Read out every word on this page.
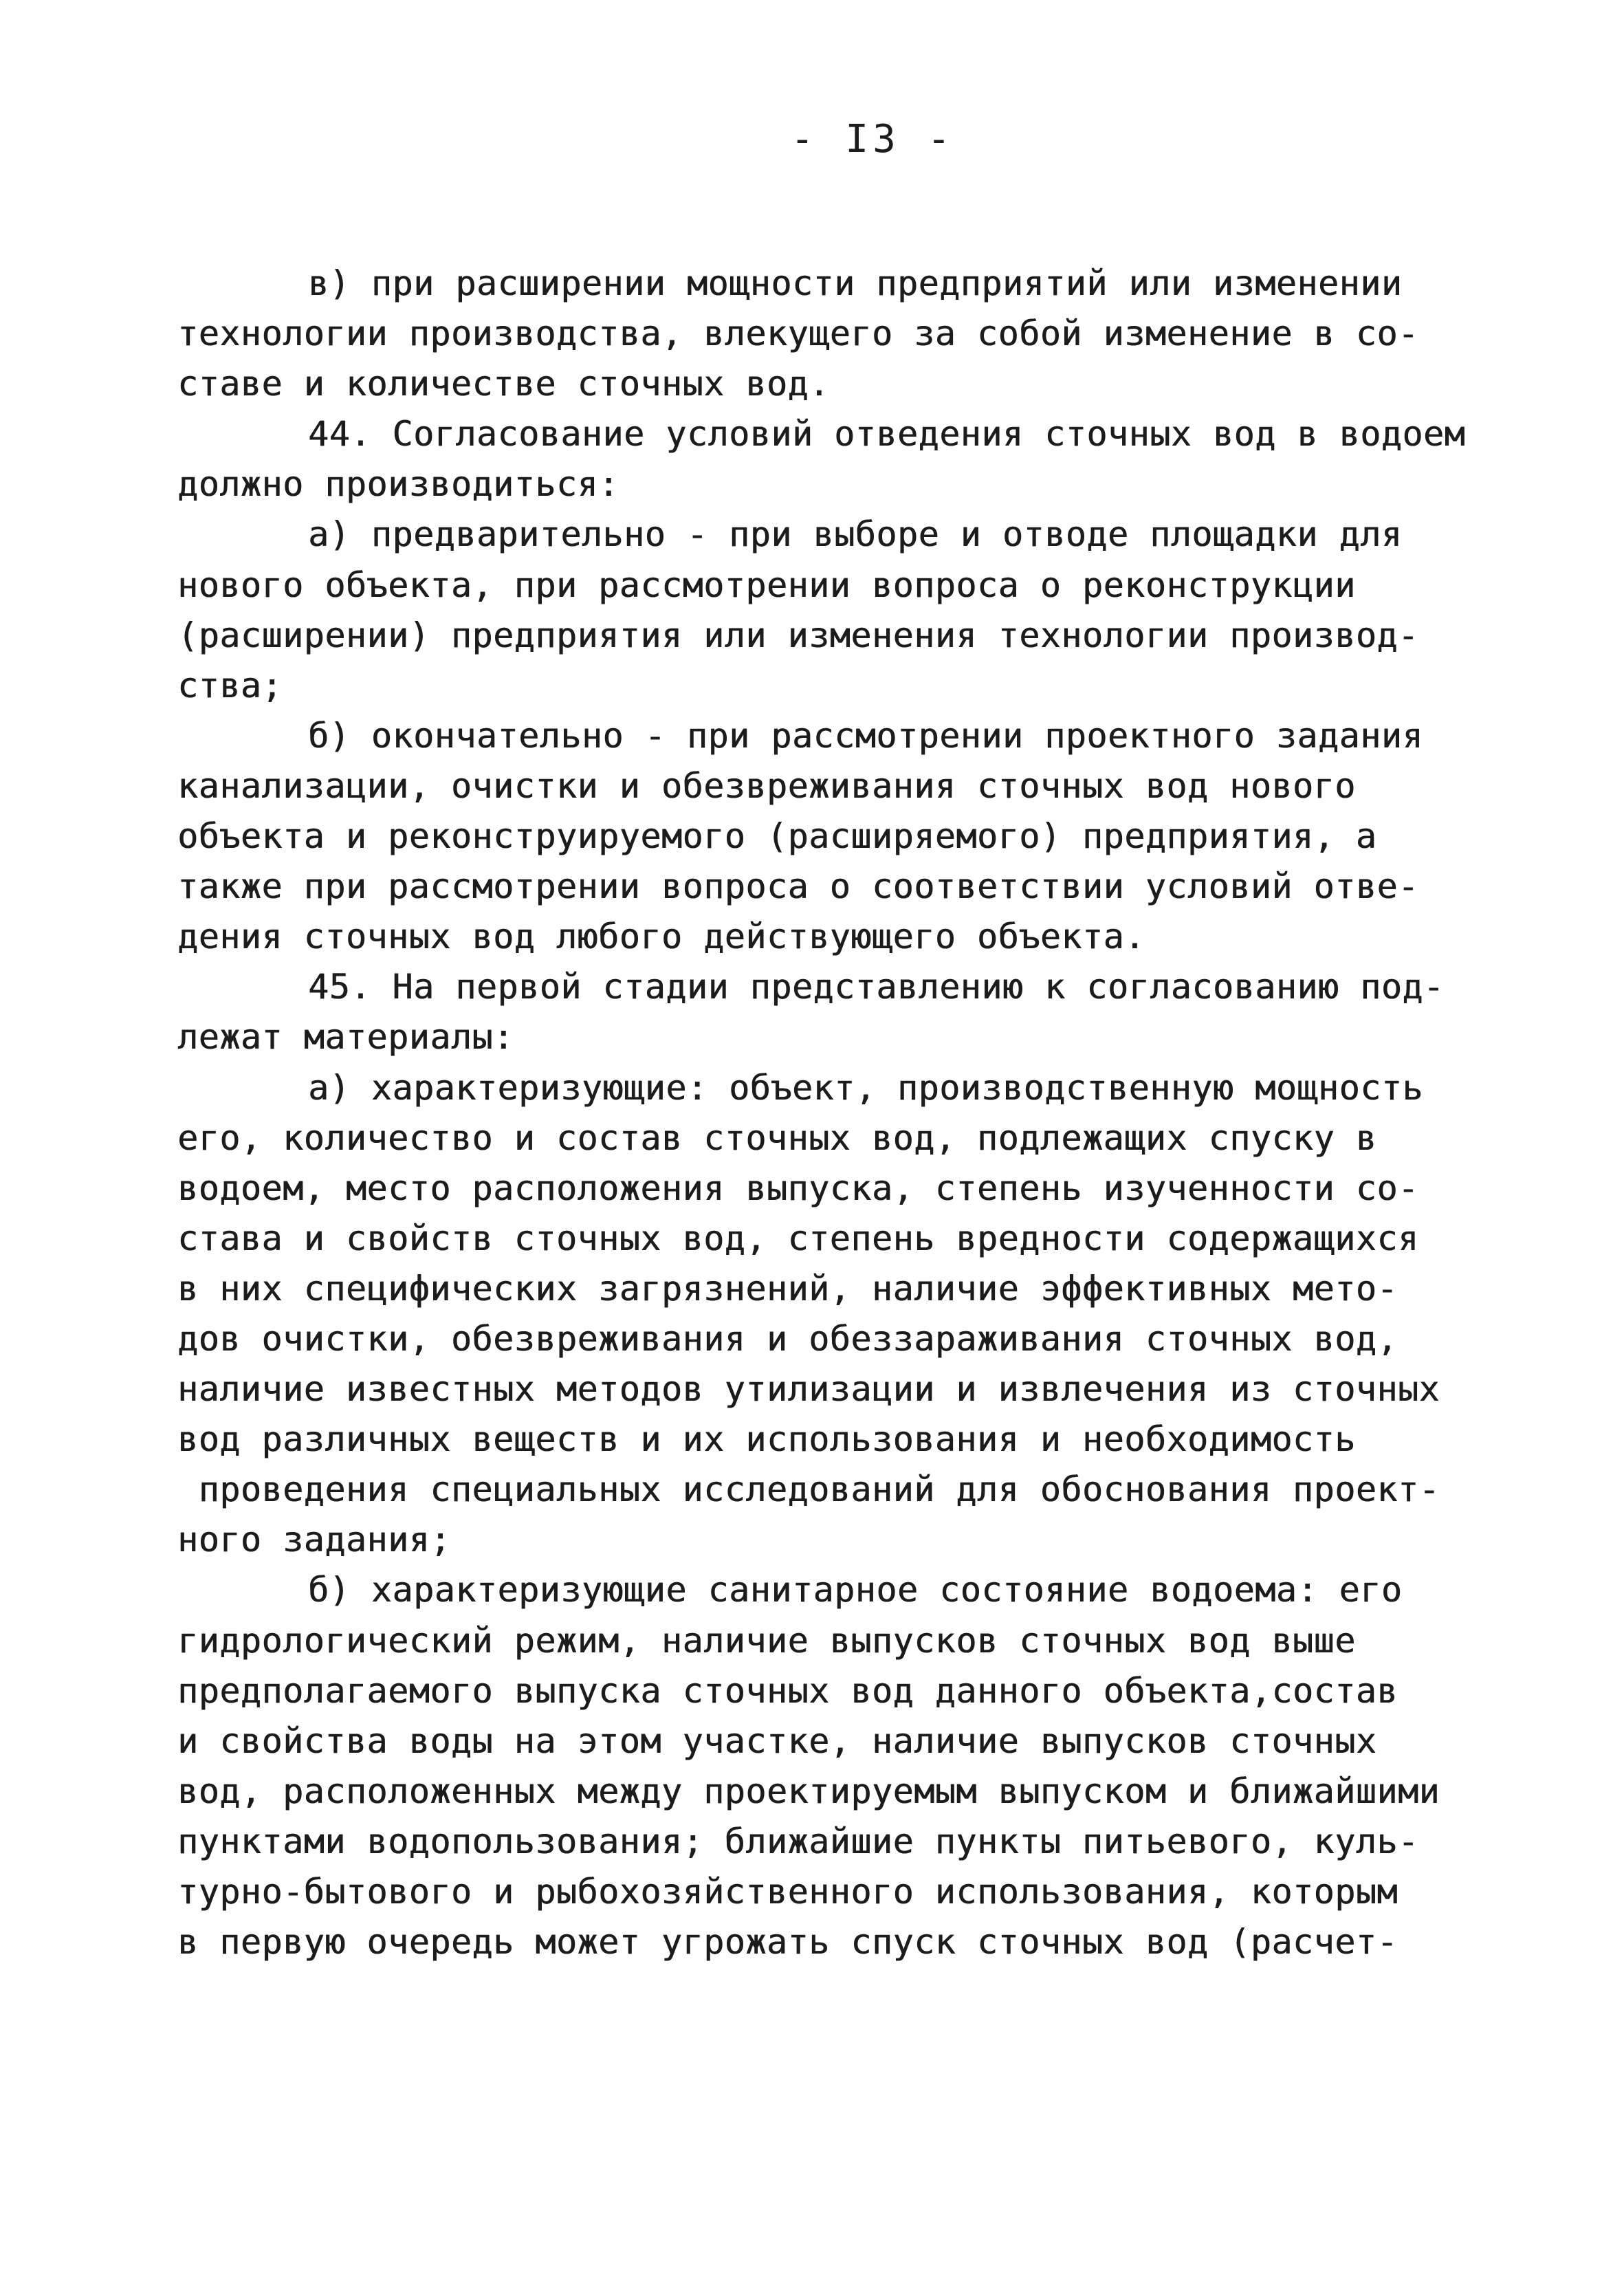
- I3 -
в) при расширении мощности предприятий или изменении
технологии производства, влекущего за собой изменение в со-
ставе и количестве сточных вод.
44. Согласование условий отведения сточных вод в водоем
должно производиться:
а) предварительно - при выборе и отводе площадки для
нового объекта, при рассмотрении вопроса о реконструкции
(расширении) предприятия или изменения технологии производ-
ства;
б) окончательно - при рассмотрении проектного задания
канализации, очистки и обезвреживания сточных вод нового
объекта и реконструируемого (расширяемого) предприятия, а
также при рассмотрении вопроса о соответствии условий отве-
дения сточных вод любого действующего объекта.
45. На первой стадии представлению к согласованию под-
лежат материалы:
а) характеризующие: объект, производственную мощность
его, количество и состав сточных вод, подлежащих спуску в
водоем, место расположения выпуска, степень изученности со-
става и свойств сточных вод, степень вредности содержащихся
в них специфических загрязнений, наличие эффективных мето-
дов очистки, обезвреживания и обеззараживания сточных вод,
наличие известных методов утилизации и извлечения из сточных
вод различных веществ и их использования и необходимость
проведения специальных исследований для обоснования проект-
ного задания;
б) характеризующие санитарное состояние водоема: его
гидрологический режим, наличие выпусков сточных вод выше
предполагаемого выпуска сточных вод данного объекта,состав
и свойства воды на этом участке, наличие выпусков сточных
вод, расположенных между проектируемым выпуском и ближайшими
пунктами водопользования; ближайшие пункты питьевого, куль-
турно-бытового и рыбохозяйственного использования, которым
в первую очередь может угрожать спуск сточных вод (расчет-
